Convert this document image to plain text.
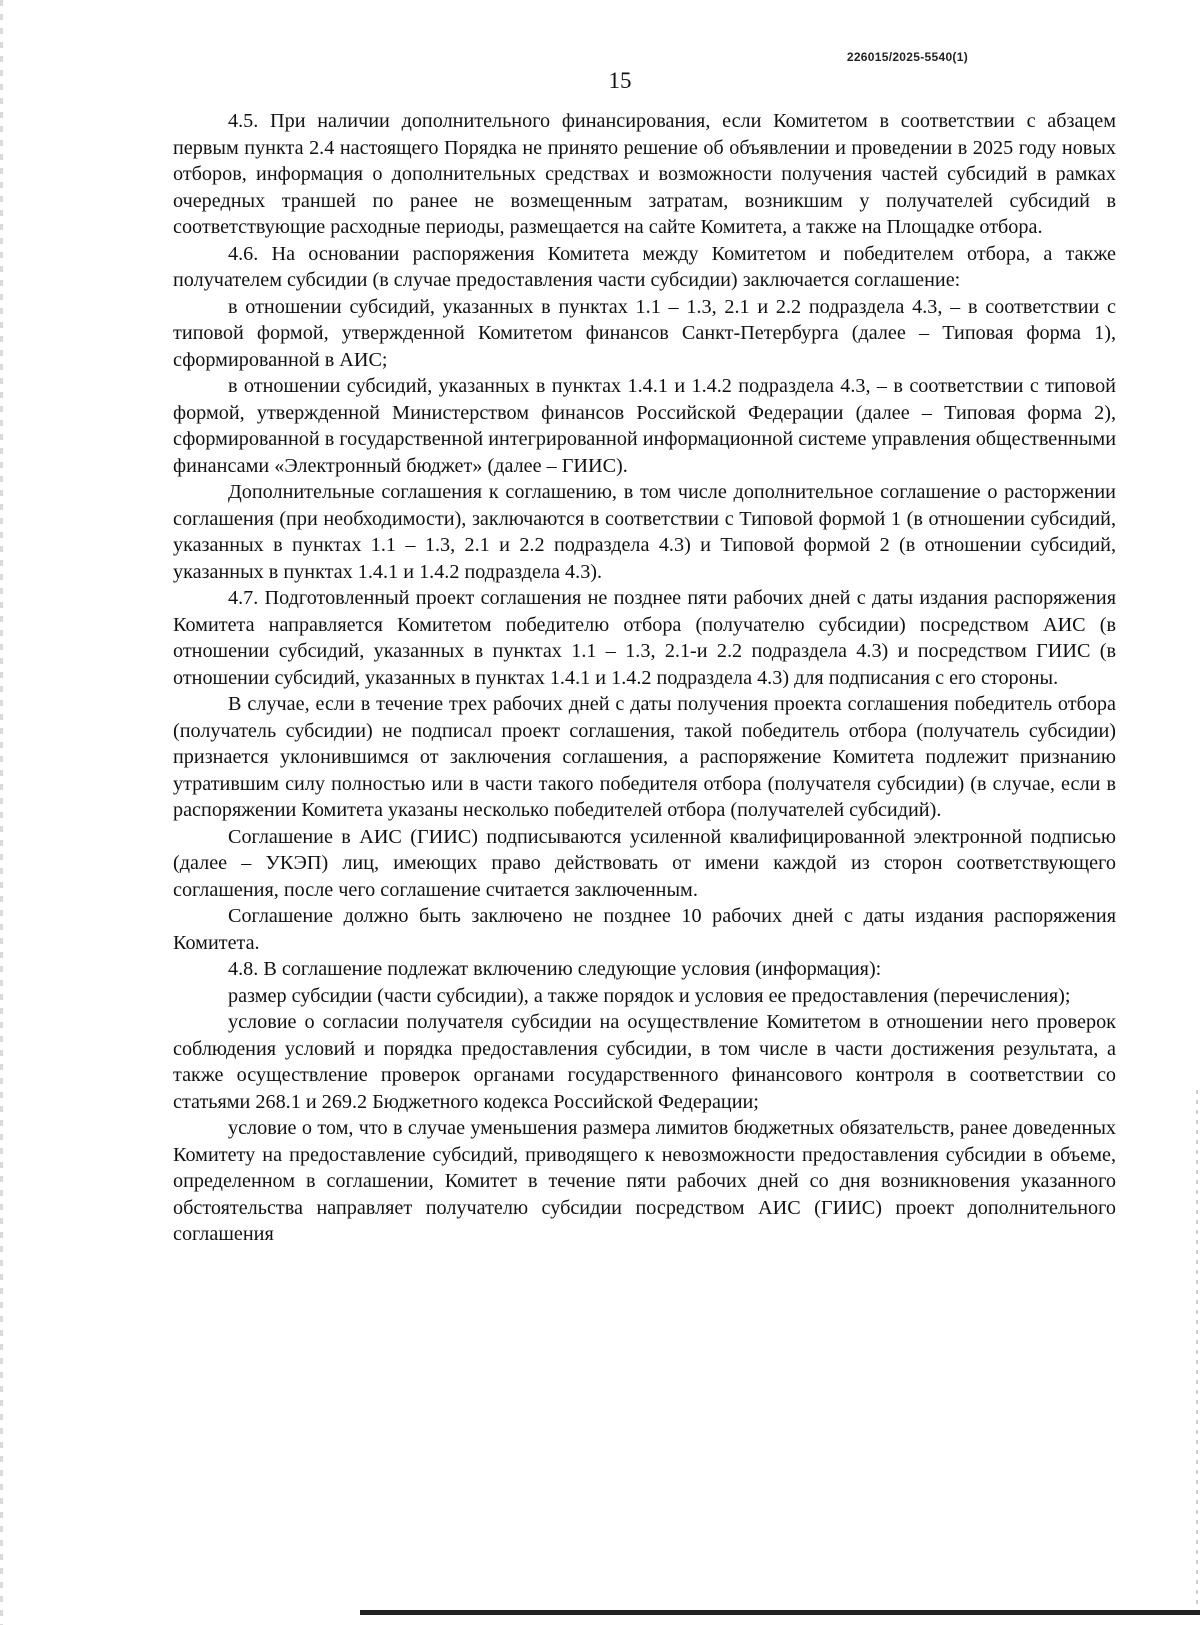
226015/2025-5540(1)
15

4.5. При наличии дополнительного финансирования, если Комитетом в соответствии с абзацем первым пункта 2.4 настоящего Порядка не принято решение об объявлении и проведении в 2025 году новых отборов, информация о дополнительных средствах и возможности получения частей субсидий в рамках очередных траншей по ранее не возмещенным затратам, возникшим у получателей субсидий в соответствующие расходные периоды, размещается на сайте Комитета, а также на Площадке отбора.

4.6. На основании распоряжения Комитета между Комитетом и победителем отбора, а также получателем субсидии (в случае предоставления части субсидии) заключается соглашение:

в отношении субсидий, указанных в пунктах 1.1 – 1.3, 2.1 и 2.2 подраздела 4.3, – в соответствии с типовой формой, утвержденной Комитетом финансов Санкт-Петербурга (далее – Типовая форма 1), сформированной в АИС;

в отношении субсидий, указанных в пунктах 1.4.1 и 1.4.2 подраздела 4.3, – в соответствии с типовой формой, утвержденной Министерством финансов Российской Федерации (далее – Типовая форма 2), сформированной в государственной интегрированной информационной системе управления общественными финансами «Электронный бюджет» (далее – ГИИС).

Дополнительные соглашения к соглашению, в том числе дополнительное соглашение о расторжении соглашения (при необходимости), заключаются в соответствии с Типовой формой 1 (в отношении субсидий, указанных в пунктах 1.1 – 1.3, 2.1 и 2.2 подраздела 4.3) и Типовой формой 2 (в отношении субсидий, указанных в пунктах 1.4.1 и 1.4.2 подраздела 4.3).

4.7. Подготовленный проект соглашения не позднее пяти рабочих дней с даты издания распоряжения Комитета направляется Комитетом победителю отбора (получателю субсидии) посредством АИС (в отношении субсидий, указанных в пунктах 1.1 – 1.3, 2.1-и 2.2 подраздела 4.3) и посредством ГИИС (в отношении субсидий, указанных в пунктах 1.4.1 и 1.4.2 подраздела 4.3) для подписания с его стороны.

В случае, если в течение трех рабочих дней с даты получения проекта соглашения победитель отбора (получатель субсидии) не подписал проект соглашения, такой победитель отбора (получатель субсидии) признается уклонившимся от заключения соглашения, а распоряжение Комитета подлежит признанию утратившим силу полностью или в части такого победителя отбора (получателя субсидии) (в случае, если в распоряжении Комитета указаны несколько победителей отбора (получателей субсидий).

Соглашение в АИС (ГИИС) подписываются усиленной квалифицированной электронной подписью (далее – УКЭП) лиц, имеющих право действовать от имени каждой из сторон соответствующего соглашения, после чего соглашение считается заключенным.

Соглашение должно быть заключено не позднее 10 рабочих дней с даты издания распоряжения Комитета.

4.8. В соглашение подлежат включению следующие условия (информация):

размер субсидии (части субсидии), а также порядок и условия ее предоставления (перечисления);

условие о согласии получателя субсидии на осуществление Комитетом в отношении него проверок соблюдения условий и порядка предоставления субсидии, в том числе в части достижения результата, а также осуществление проверок органами государственного финансового контроля в соответствии со статьями 268.1 и 269.2 Бюджетного кодекса Российской Федерации;

условие о том, что в случае уменьшения размера лимитов бюджетных обязательств, ранее доведенных Комитету на предоставление субсидий, приводящего к невозможности предоставления субсидии в объеме, определенном в соглашении, Комитет в течение пяти рабочих дней со дня возникновения указанного обстоятельства направляет получателю субсидии посредством АИС (ГИИС) проект дополнительного соглашения
